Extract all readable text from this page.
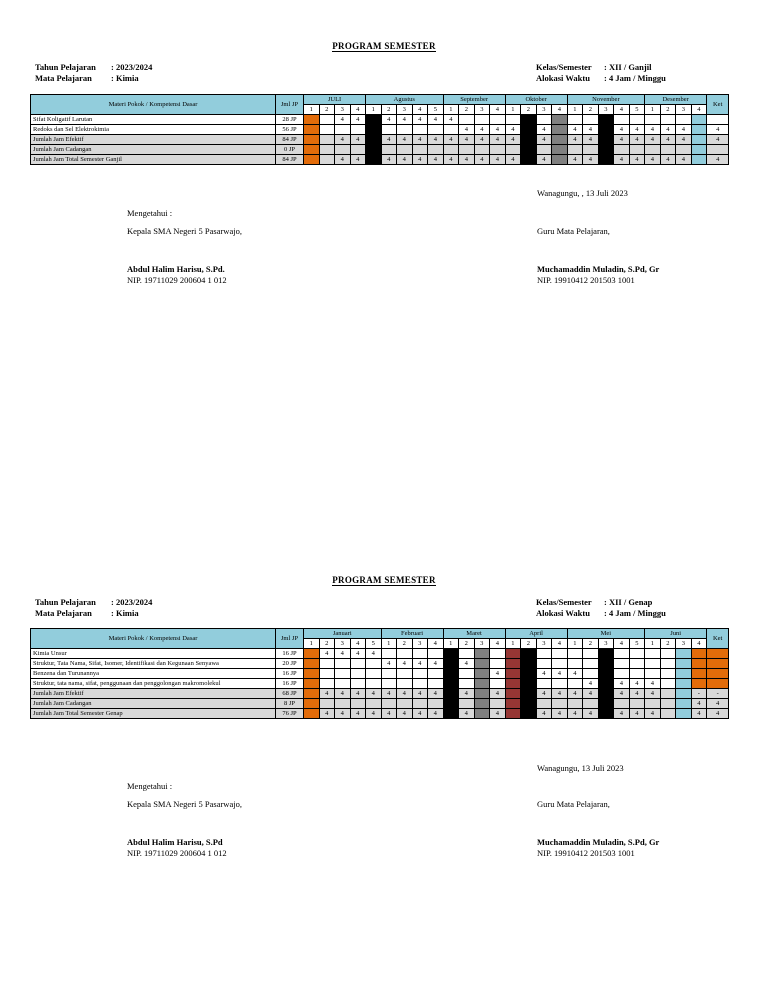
PROGRAM SEMESTER
Tahun Pelajaran	: 2023/2024
Mata Pelajaran	: Kimia
Kelas/Semester	: XII / Ganjil
Alokasi Waktu	: 4 Jam / Minggu
Materi Pokok / Kompetensi Dasar	Jml JP	JULI				Agustus					September				Oktober				November					Desember				Ket	
		1	2	3	4	1	2	3	4	5	1	2	3	4	1	2	3	4	1	2	3	4	5	1	2	3	4		
Sifat Koligatif Larutan	28 JP			4	4		4	4	4	4	4																					
Redoks dan Sel Elektrokimia	56 JP											4	4	4	4		4		4	4		4	4	4	4	4		4				
Jumlah Jam Efektif	84 JP			4	4		4	4	4	4	4	4	4	4	4		4		4	4		4	4	4	4	4		4				
Jumlah Jam Cadangan	0 JP																															
Jumlah Jam Total Semester Ganjil	84 JP			4	4		4	4	4	4	4	4	4	4	4		4		4	4		4	4	4	4	4		4				
Wanagungu, , 13 Juli 2023
Mengetahui :
Kepala SMA Negeri 5 Pasarwajo,	Guru Mata Pelajaran,
Abdul Halim Harisu, S.Pd.
NIP. 19711029 200604 1 012
Muchamaddin Muladin, S.Pd, Gr
NIP. 19910412 201503 1001
PROGRAM SEMESTER
Tahun Pelajaran	: 2023/2024
Mata Pelajaran	: Kimia
Kelas/Semester	: XII / Genap
Alokasi Waktu	: 4 Jam / Minggu
Materi Pokok / Kompetensi Dasar	Jml JP	Januari					Februari				Maret				April				Mei					Juni				Ket	
		1	2	3	4	5	1	2	3	4	1	2	3	4	1	2	3	4	1	2	3	4	5	1	2	3	4		
Kimia Unsur	16 JP		4	4	4	4																										
Struktur, Tata Nama, Sifat, Isomer, Identifikasi dan Kegunaan Senyawa	20 JP						4	4	4	4		4																				
Benzena dan Turunannya	16 JP													4			4	4	4													
Struktur, tata nama, sifat, penggunaan dan penggolongan makromolekul	16 JP																			4		4	4	4								
Jumlah Jam Efektif	68 JP		4	4	4	4	4	4	4	4		4		4			4	4	4	4		4	4	4			-	-				
Jumlah Jam Cadangan	8 JP																										4	4				
Jumlah Jam Total Semester Genap	76 JP		4	4	4	4	4	4	4	4		4		4			4	4	4	4		4	4	4			4	4				
Wanagungu, 13 Juli 2023
Mengetahui :
Kepala SMA Negeri 5 Pasarwajo,	Guru Mata Pelajaran,
Abdul Halim Harisu, S.Pd
NIP. 19711029 200604 1 012
Muchamaddin Muladin, S.Pd, Gr
NIP. 19910412 201503 1001
